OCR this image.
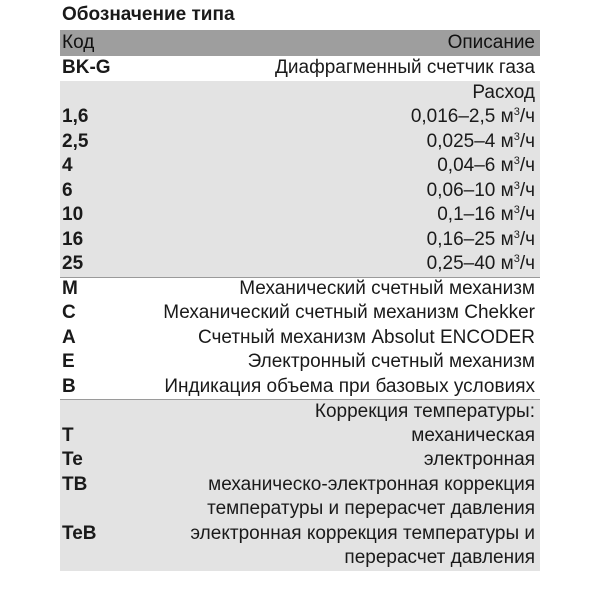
Обозначение типа
Код	Описание
BK-G	Диафрагменный счетчик газа
Расход
1,6	0,016–2,5 $м^3/ч$
2,5	0,025–4 $м^3/ч$
4	0,04–6 $м^3/ч$
6	0,06–10 $м^3/ч$
10	0,1–16 $м^3/ч$
16	0,16–25 $м^3/ч$
25	0,25–40 $м^3/ч$
M	Механический счетный механизм
C	Механический счетный механизм Chekker
A	Счетный механизм Absolut ENCODER
E	Электронный счетный механизм
B	Индикация объема при базовых условиях
Коррекция температуры:
T	механическая
Te	электронная
TB	механическо-электронная коррекция
температуры и перерасчет давления
TeB	электронная коррекция температуры и
перерасчет давления
